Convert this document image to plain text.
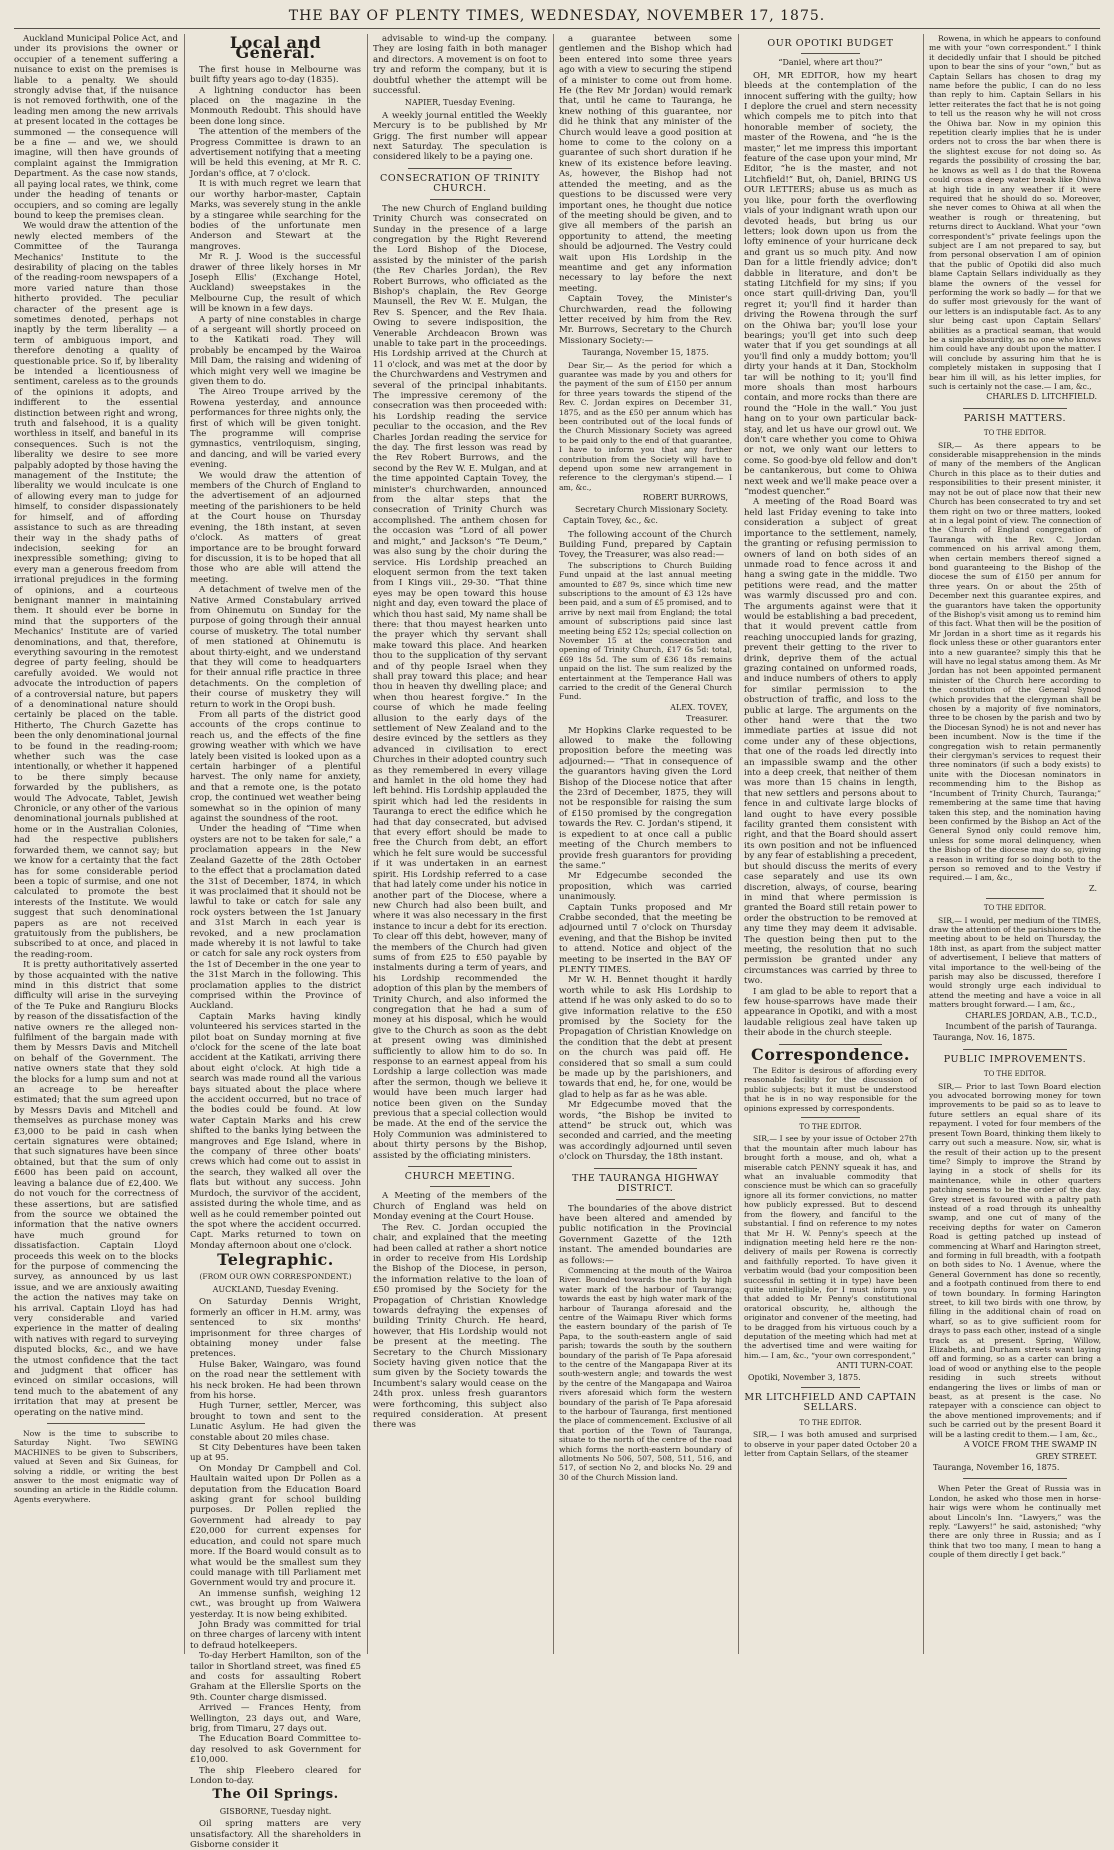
THE BAY OF PLENTY TIMES, WEDNESDAY, NOVEMBER 17, 1875.

Auckland Municipal Police Act, and under its provisions the owner or occupier of a tenement suffering a nuisance to exist on the premises is liable to a penalty. We should strongly advise that, if the nuisance is not removed forthwith, one of the leading men among the new arrivals at present located in the cottages be summoned — the consequence will be a fine — and we, we should imagine, will then have grounds of complaint against the Immigration Department. As the case now stands, all paying local rates, we think, come under the heading of tenants or occupiers, and so coming are legally bound to keep the premises clean.

We would draw the attention of the newly elected members of the Committee of the Tauranga Mechanics' Institute to the desirability of placing on the tables of the reading-room newspapers of a more varied nature than those hitherto provided. The peculiar character of the present age is sometimes denoted, perhaps not inaptly by the term liberality — a term of ambiguous import, and therefore denoting a quality of questionable price. So if, by liberality be intended a licentiousness of sentiment, careless as to the grounds of the opinions it adopts, and indifferent to the essential distinction between right and wrong, truth and falsehood, it is a quality worthless in itself, and baneful in its consequences. Such is not the liberality we desire to see more palpably adopted by those having the management of the Institute; the liberality we would inculcate is one of allowing every man to judge for himself, to consider dispassionately for himself, and of affording assistance to such as are threading their way in the shady paths of indecision, seeking for an inexpressible something; giving to every man a generous freedom from irrational prejudices in the forming of opinions, and a courteous benignant manner in maintaining them. It should ever be borne in mind that the supporters of the Mechanics' Institute are of varied denominations, and that, therefore, everything savouring in the remotest degree of party feeling, should be carefully avoided. We would not advocate the introduction of papers of a controversial nature, but papers of a denominational nature should certainly be placed on the table. Hitherto, The Church Gazette has been the only denominational journal to be found in the reading-room; whether such was the case intentionally, or whether it happened to be there simply because forwarded by the publishers, as would The Advocate, Tablet, Jewish Chronicle, or any other of the various denominational journals published at home or in the Australian Colonies, had the respective publishers forwarded them, we cannot say; but we know for a certainty that the fact has for some considerable period been a topic of surmise, and one not calculated to promote the best interests of the Institute. We would suggest that such denominational papers as are not received gratuitously from the publishers, be subscribed to at once, and placed in the reading-room.

It is pretty authoritatively asserted by those acquainted with the native mind in this district that some difficulty will arise in the surveying of the Te Puke and Rangiuru Blocks by reason of the dissatisfaction of the native owners re the alleged non-fulfilment of the bargain made with them by Messrs Davis and Mitchell on behalf of the Government. The native owners state that they sold the blocks for a lump sum and not at an acreage to be hereafter estimated; that the sum agreed upon by Messrs Davis and Mitchell and themselves as purchase money was £3,000 to be paid in cash when certain signatures were obtained; that such signatures have been since obtained, but that the sum of only £600 has been paid on account, leaving a balance due of £2,400. We do not vouch for the correctness of these assertions, but are satisfied from the source we obtained the information that the native owners have much ground for dissatisfaction. Captain Lloyd proceeds this week on to the blocks for the purpose of commencing the survey, as announced by us last issue, and we are anxiously awaiting the action the natives may take on his arrival. Captain Lloyd has had very considerable and varied experience in the matter of dealing with natives with regard to surveying disputed blocks, &c., and we have the utmost confidence that the tact and judgment that officer has evinced on similar occasions, will tend much to the abatement of any irritation that may at present be operating on the native mind.

Now is the time to subscribe to Saturday Night. Two SEWING MACHINES to be given to Subscribers, valued at Seven and Six Guineas, for solving a riddle, or writing the best answer to the most enigmatic way of sounding an article in the Riddle column. Agents everywhere.

Local and General.

The first house in Melbourne was built fifty years ago to-day (1835).

A lightning conductor has been placed on the magazine in the Monmouth Redoubt. This should have been done long since.

The attention of the members of the Progress Committee is drawn to an advertisement notifying that a meeting will be held this evening, at Mr R. C. Jordan's office, at 7 o'clock.

It is with much regret we learn that our worthy harbor-master, Captain Marks, was severely stung in the ankle by a stingaree while searching for the bodies of the unfortunate men Anderson and Stewart at the mangroves.

Mr R. J. Wood is the successful drawer of three likely horses in Mr Joseph Ellis' (Exchange Hotel, Auckland) sweepstakes in the Melbourne Cup, the result of which will be known in a few days.

A party of nine constables in charge of a sergeant will shortly proceed on to the Katikati road. They will probably be encamped by the Wairoa Mill Dam, the raising and widening of which might very well we imagine be given them to do.

The Aireo Troupe arrived by the Rowena yesterday, and announce performances for three nights only, the first of which will be given tonight. The programme will comprise gymnastics, ventriloquism, singing, and dancing, and will be varied every evening.

We would draw the attention of members of the Church of England to the advertisement of an adjourned meeting of the parishioners to be held at the Court house on Thursday evening, the 18th instant, at seven o'clock. As matters of great importance are to be brought forward for discussion, it is to be hoped that all those who are able will attend the meeting.

A detachment of twelve men of the Native Armed Constabulary arrived from Ohinemutu on Sunday for the purpose of going through their annual course of musketry. The total number of men stationed at Ohinemutu is about thirty-eight, and we understand that they will come to headquarters for their annual rifle practice in three detachments. On the completion of their course of musketry they will return to work in the Oropi bush.

From all parts of the district good accounts of the crops continue to reach us, and the effects of the fine growing weather with which we have lately been visited is looked upon as a certain harbinger of a plentiful harvest. The only name for anxiety, and that a remote one, is the potato crop, the continued wet weather being somewhat so in the opinion of many against the soundness of the root.

Under the heading of “Time when oysters are not to be taken for sale,” a proclamation appears in the New Zealand Gazette of the 28th October to the effect that a proclamation dated the 31st of December, 1874, in which it was proclaimed that it should not be lawful to take or catch for sale any rock oysters between the 1st January and 31st March in each year is revoked, and a new proclamation made whereby it is not lawful to take or catch for sale any rock oysters from the 1st of December in the one year to the 31st March in the following. This proclamation applies to the district comprised within the Province of Auckland.

Captain Marks having kindly volunteered his services started in the pilot boat on Sunday morning at five o'clock for the scene of the late boat accident at the Katikati, arriving there about eight o'clock. At high tide a search was made round all the various bays situated about the place where the accident occurred, but no trace of the bodies could be found. At low water Captain Marks and his crew shifted to the banks lying between the mangroves and Ege Island, where in the company of three other boats' crews which had come out to assist in the search, they walked all over the flats but without any success. John Murdoch, the survivor of the accident, assisted during the whole time, and as well as he could remember pointed out the spot where the accident occurred. Capt. Marks returned to town on Monday afternoon about one o'clock.

Telegraphic.
(FROM OUR OWN CORRESPONDENT.)
AUCKLAND, Tuesday Evening.

On Saturday Dennis Wright, formerly an officer in H.M. army, was sentenced to six months' imprisonment for three charges of obtaining money under false pretences.

Hulse Baker, Waingaro, was found on the road near the settlement with his neck broken. He had been thrown from his horse.

Hugh Turner, settler, Mercer, was brought to town and sent to the Lunatic Asylum. He had given the constable about 20 miles chase.

St City Debentures have been taken up at 95.

On Monday Dr Campbell and Col. Haultain waited upon Dr Pollen as a deputation from the Education Board asking grant for school building purposes. Dr Pollen replied the Government had already to pay £20,000 for current expenses for education, and could not spare much more. If the Board would consult as to what would be the smallest sum they could manage with till Parliament met Government would try and procure it.

An immense sunfish, weighing 12 cwt., was brought up from Waiwera yesterday. It is now being exhibited.

John Brady was committed for trial on three charges of larceny with intent to defraud hotelkeepers.

To-day Herbert Hamilton, son of the tailor in Shortland street, was fined £5 and costs for assaulting Robert Graham at the Ellerslie Sports on the 9th. Counter charge dismissed.

Arrived — Frances Henty, from Wellington, 23 days out, and Ware, brig, from Timaru, 27 days out.

The Education Board Committee to-day resolved to ask Government for £10,000.

The ship Fleebero cleared for London to-day.

The Oil Springs.
GISBORNE, Tuesday night.

Oil spring matters are very unsatisfactory. All the shareholders in Gisborne consider it

advisable to wind-up the company. They are losing faith in both manager and directors. A movement is on foot to try and reform the company, but it is doubtful whether the attempt will be successful.

NAPIER, Tuesday Evening.

A weekly journal entitled the Weekly Mercury is to be published by Mr Grigg. The first number will appear next Saturday. The speculation is considered likely to be a paying one.

CONSECRATION OF TRINITY CHURCH.

The new Church of England building Trinity Church was consecrated on Sunday in the presence of a large congregation by the Right Reverend the Lord Bishop of the Diocese, assisted by the minister of the parish (the Rev Charles Jordan), the Rev Robert Burrows, who officiated as the Bishop's chaplain, the Rev George Maunsell, the Rev W. E. Mulgan, the Rev S. Spencer, and the Rev Ihaia. Owing to severe indisposition, the Venerable Archdeacon Brown was unable to take part in the proceedings. His Lordship arrived at the Church at 11 o'clock, and was met at the door by the Churchwardens and Vestrymen and several of the principal inhabitants. The impressive ceremony of the consecration was then proceeded with: his Lordship reading the service peculiar to the occasion, and the Rev Charles Jordan reading the service for the day. The first lesson was read by the Rev Robert Burrows, and the second by the Rev W. E. Mulgan, and at the time appointed Captain Tovey, the minister's churchwarden, announced from the altar steps that the consecration of Trinity Church was accomplished. The anthem chosen for the occasion was “Lord of all power and might,” and Jackson's “Te Deum,” was also sung by the choir during the service. His Lordship preached an eloquent sermon from the text taken from I Kings viii., 29-30. “That thine eyes may be open toward this house night and day, even toward the place of which thou hast said, My name shall be there: that thou mayest hearken unto the prayer which thy servant shall make toward this place. And hearken thou to the supplication of thy servant and of thy people Israel when they shall pray toward this place; and hear thou in heaven thy dwelling place; and when thou hearest forgive.” In the course of which he made feeling allusion to the early days of the settlement of New Zealand and to the desire evinced by the settlers as they advanced in civilisation to erect Churches in their adopted country such as they remembered in every village and hamlet in the old home they had left behind. His Lordship applauded the spirit which had led the residents in Tauranga to erect the edifice which he had that day consecrated, but advised that every effort should be made to free the Church from debt, an effort which he felt sure would be successful if it was undertaken in an earnest spirit. His Lordship referred to a case that had lately come under his notice in another part of the Diocese, where a new Church had also been built, and where it was also necessary in the first instance to incur a debt for its erection. To clear off this debt, however, many of the members of the Church had given sums of from £25 to £50 payable by instalments during a term of years, and his Lordship recommended the adoption of this plan by the members of Trinity Church, and also informed the congregation that he had a sum of money at his disposal, which he would give to the Church as soon as the debt at present owing was diminished sufficiently to allow him to do so. In response to an earnest appeal from his Lordship a large collection was made after the sermon, though we believe it would have been much larger had notice been given on the Sunday previous that a special collection would be made. At the end of the service the Holy Communion was administered to about thirty persons by the Bishop, assisted by the officiating ministers.

CHURCH MEETING.

A Meeting of the members of the Church of England was held on Monday evening at the Court House.

The Rev. C. Jordan occupied the chair, and explained that the meeting had been called at rather a short notice in order to receive from His Lordship the Bishop of the Diocese, in person, the information relative to the loan of £50 promised by the Society for the Propagation of Christian Knowledge towards defraying the expenses of building Trinity Church. He heard, however, that His Lordship would not be present at the meeting. The Secretary to the Church Missionary Society having given notice that the sum given by the Society towards the Incumbent's salary would cease on the 24th prox. unless fresh guarantors were forthcoming, this subject also required consideration. At present there was

a guarantee between some gentlemen and the Bishop which had been entered into some three years ago with a view to securing the stipend of a minister to come out from home. He (the Rev Mr Jordan) would remark that, until he came to Tauranga, he knew nothing of this guarantee, nor did he think that any minister of the Church would leave a good position at home to come to the colony on a guarantee of such short duration if he knew of its existence before leaving. As, however, the Bishop had not attended the meeting, and as the questions to be discussed were very important ones, he thought due notice of the meeting should be given, and to give all members of the parish an opportunity to attend, the meeting should be adjourned. The Vestry could wait upon His Lordship in the meantime and get any information necessary to lay before the next meeting.

Captain Tovey, the Minister's Churchwarden, read the following letter received by him from the Rev. Mr. Burrows, Secretary to the Church Missionary Society:—

Tauranga, November 15, 1875.

Dear Sir,— As the period for which a guarantee was made by you and others for the payment of the sum of £150 per annum for three years towards the stipend of the Rev. C. Jordan expires on December 31, 1875, and as the £50 per annum which has been contributed out of the local funds of the Church Missionary Society was agreed to be paid only to the end of that guarantee, I have to inform you that any further contribution from the Society will have to depend upon some new arrangement in reference to the clergyman's stipend.— I am, &c.,

ROBERT BURROWS,
Secretary Church Missionary Society.
Captain Tovey, &c., &c.

The following account of the Church Building Fund, prepared by Captain Tovey, the Treasurer, was also read:—

The subscriptions to Church Building Fund unpaid at the last annual meeting amounted to £87 9s, since which time new subscriptions to the amount of £3 12s have been paid, and a sum of £5 promised, and to arrive by next mail from England; the total amount of subscriptions paid since last meeting being £52 12s; special collection on November 15 at the consecration and opening of Trinity Church, £17 6s 5d: total, £69 18s 5d. The sum of £36 18s remains unpaid on the list. The sum realized by the entertainment at the Temperance Hall was carried to the credit of the General Church Fund.

ALEX. TOVEY,
Treasurer.

Mr Hopkins Clarke requested to be allowed to make the following proposition before the meeting was adjourned:— “That in consequence of the guarantors having given the Lord Bishop of the Diocese notice that after the 23rd of December, 1875, they will not be responsible for raising the sum of £150 promised by the congregation towards the Rev. C. Jordan's stipend, it is expedient to at once call a public meeting of the Church members to provide fresh guarantors for providing the same.”

Mr Edgecumbe seconded the proposition, which was carried unanimously.

Captain Tunks proposed and Mr Crabbe seconded, that the meeting be adjourned until 7 o'clock on Thursday evening, and that the Bishop be invited to attend. Notice and object of the meeting to be inserted in the BAY OF PLENTY TIMES.

Mr W. H. Bennet thought it hardly worth while to ask His Lordship to attend if he was only asked to do so to give information relative to the £50 promised by the Society for the Propagation of Christian Knowledge on the condition that the debt at present on the church was paid off. He considered that so small a sum could be made up by the parishioners, and towards that end, he, for one, would be glad to help as far as he was able.

Mr Edgecumbe moved that the words, “the Bishop be invited to attend” be struck out, which was seconded and carried, and the meeting was accordingly adjourned until seven o'clock on Thursday, the 18th instant.

THE TAURANGA HIGHWAY DISTRICT.

The boundaries of the above district have been altered and amended by public notification in the Provincial Government Gazette of the 12th instant. The amended boundaries are as follows:—

Commencing at the mouth of the Wairoa River. Bounded towards the north by high water mark of the harbour of Tauranga; towards the east by high water mark of the harbour of Tauranga aforesaid and the centre of the Waimapu River which forms the eastern boundary of the parish of Te Papa, to the south-eastern angle of said parish; towards the south by the southern boundary of the parish of Te Papa aforesaid to the centre of the Mangapapa River at its south-western angle; and towards the west by the centre of the Mangapapa and Wairoa rivers aforesaid which form the western boundary of the parish of Te Papa aforesaid to the harbour of Tauranga, first mentioned the place of commencement. Exclusive of all that portion of the Town of Tauranga, situate to the north of the centre of the road which forms the north-eastern boundary of allotments No 506, 507, 508, 511, 516, and 517, of section No 2, and blocks No. 29 and 30 of the Church Mission land.

OUR OPOTIKI BUDGET
“Daniel, where art thou?”

OH, MR EDITOR, how my heart bleeds at the contemplation of the innocent suffering with the guilty; how I deplore the cruel and stern necessity which compels me to pitch into that honorable member of society, the master of the Rowena, and “he is the master,” let me impress this important feature of the case upon your mind, Mr Editor, “he is the master, and not Litchfield!” But, oh, Daniel, BRING US OUR LETTERS; abuse us as much as you like, pour forth the overflowing vials of your indignant wrath upon our devoted heads, but bring us our letters; look down upon us from the lofty eminence of your hurricane deck and grant us so much pity. And now Dan for a little friendly advice; don't dabble in literature, and don't be stating Litchfield for my sins; if you once start quill-driving Dan, you'll regret it; you'll find it harder than driving the Rowena through the surf on the Ohiwa bar; you'll lose your bearings; you'll get into such deep water that if you get soundings at all you'll find only a muddy bottom; you'll dirty your hands at it Dan, Stockholm tar will be nothing to it; you'll find more shoals than most harbours contain, and more rocks than there are round the “Hole in the wall.” You just hang on to your own particular back-stay, and let us have our growl out. We don't care whether you come to Ohiwa or not, we only want our letters to come. So good-bye old fellow and don't be cantankerous, but come to Ohiwa next week and we'll make peace over a “modest quencher.”

A meeting of the Road Board was held last Friday evening to take into consideration a subject of great importance to the settlement, namely, the granting or refusing permission to owners of land on both sides of an unmade road to fence across it and hang a swing gate in the middle. Two petitions were read, and the matter was warmly discussed pro and con. The arguments against were that it would be establishing a bad precedent, that it would prevent cattle from reaching unoccupied lands for grazing, prevent their getting to the river to drink, deprive them of the actual grazing contained on unformed roads, and induce numbers of others to apply for similar permission to the obstruction of traffic, and loss to the public at large. The arguments on the other hand were that the two immediate parties at issue did not come under any of these objections, that one of the roads led directly into an impassible swamp and the other into a deep creek, that neither of them was more than 15 chains in length, that new settlers and persons about to fence in and cultivate large blocks of land ought to have every possible facility granted them consistent with right, and that the Board should assert its own position and not be influenced by any fear of establishing a precedent, but should discuss the merits of every case separately and use its own discretion, always, of course, bearing in mind that where permission is granted the Board still retain power to order the obstruction to be removed at any time they may deem it advisable. The question being then put to the meeting, the resolution that no such permission be granted under any circumstances was carried by three to two.

I am glad to be able to report that a few house-sparrows have made their appearance in Opotiki, and with a most laudable religious zeal have taken up their abode in the church steeple.

Correspondence.

The Editor is desirous of affording every reasonable facility for the discussion of public subjects; but it must be understood that he is in no way responsible for the opinions expressed by correspondents.

TO THE EDITOR.

SIR,— I see by your issue of October 27th that the mountain after much labour has brought forth a mouse, and oh, what a miserable catch PENNY squeak it has, and what an invaluable commodity that conscience must be which can so gracefully ignore all its former convictions, no matter how publicly expressed. But to descend from the flowery, and fanciful to the substantial. I find on reference to my notes that Mr H. W. Penny's speech at the indignation meeting held here re the non-delivery of mails per Rowena is correctly and faithfully reported. To have given it verbatim would (bad your composition been successful in setting it in type) have been quite unintelligible, for I must inform you that added to Mr Penny's constitutional oratorical obscurity, he, although the originator and convener of the meeting, had to be dragged from his virtuous couch by a deputation of the meeting which had met at the advertised time and were waiting for him.— I am, &c., “your own correspondent,”

ANTI TURN-COAT.
Opotiki, November 3, 1875.
MR LITCHFIELD AND CAPTAIN SELLARS.
TO THE EDITOR.

SIR,— I was both amused and surprised to observe in your paper dated October 20 a letter from Captain Sellars, of the steamer

Rowena, in which he appears to confound me with your “own correspondent.” I think it decidedly unfair that I should be pitched upon to bear the sins of your “own,” but as Captain Sellars has chosen to drag my name before the public, I can do no less than reply to him. Captain Sellars in his letter reiterates the fact that he is not going to tell us the reason why he will not cross the Ohiwa bar. Now in my opinion this repetition clearly implies that he is under orders not to cross the bar when there is the slightest excuse for not doing so. As regards the possibility of crossing the bar, he knows as well as I do that the Rowena could cross a deep water break like Ohiwa at high tide in any weather if it were required that he should do so. Moreover, she never comes to Ohiwa at all when the weather is rough or threatening, but returns direct to Auckland. What your “own correspondent's” private feelings upon the subject are I am not prepared to say, but from personal observation I am of opinion that the public of Opotiki did also much blame Captain Sellars individually as they blame the owners of the vessel for performing the work so badly — for that we do suffer most grievously for the want of our letters is an indisputable fact. As to any slur being cast upon Captain Sellars' abilities as a practical seaman, that would be a simple absurdity, as no one who knows him could have any doubt upon the matter. I will conclude by assuring him that he is completely mistaken in supposing that I bear him ill will, as his letter implies, for such is certainly not the case.— I am, &c.,

CHARLES D. LITCHFIELD.
PARISH MATTERS.
TO THE EDITOR.

SIR,— As there appears to be considerable misapprehension in the minds of many of the members of the Anglican Church in this place as to their duties and responsibilities to their present minister, it may not be out of place now that their new Church has been consecrated to try and set them right on two or three matters, looked at in a legal point of view. The connection of the Church of England congregation of Tauranga with the Rev. C. Jordan commenced on his arrival among them, when certain members thereof signed a bond guaranteeing to the Bishop of the diocese the sum of £150 per annum for three years. On or about the 25th of December next this guarantee expires, and the guarantors have taken the opportunity of the Bishop's visit among us to remind him of this fact. What then will be the position of Mr Jordan in a short time as it regards his flock unless these or other guarantors enter into a new guarantee? simply this that he will have no legal status among them. As Mr Jordan has not been appointed permanent minister of the Church here according to the constitution of the General Synod (which provides that the clergyman shall be chosen by a majority of five nominators, three to be chosen by the parish and two by the Diocesan Synod) he is not and never has been incumbent. Now is the time if the congregation wish to retain permanently their clergyman's services to request their three nominators (if such a body exists) to unite with the Diocesan nominators in recommending him to the Bishop as “Incumbent of Trinity Church, Tauranga;” remembering at the same time that having taken this step, and the nomination having been confirmed by the Bishop an Act of the General Synod only could remove him, unless for some moral delinquency, when the Bishop of the diocese may do so, giving a reason in writing for so doing both to the person so removed and to the Vestry if required.— I am, &c.,

Z.
TO THE EDITOR.

SIR,— I would, per medium of the TIMES, draw the attention of the parishioners to the meeting about to be held on Thursday, the 18th inst, as apart from the subject matter of advertisement, I believe that matters of vital importance to the well-being of the parish may also be discussed, therefore I would strongly urge each individual to attend the meeting and have a voice in all matters brought forward.— I am, &c.,

CHARLES JORDAN, A.B., T.C.D.,
Incumbent of the parish of Tauranga.
Tauranga, Nov. 16, 1875.
PUBLIC IMPROVEMENTS.
TO THE EDITOR.

SIR,— Prior to last Town Board election you advocated borrowing money for town improvements to be paid so as to leave to future settlers an equal share of its repayment. I voted for four members of the present Town Board, thinking them likely to carry out such a measure. Now, sir, what is the result of their action up to the present time? Simply to improve the Strand by laying in a stock of shells for its maintenance, while in other quarters patching seems to be the order of the day. Grey street is favoured with a paltry path instead of a road through its unhealthy swamp, and one cut of many of the receiving depths for water on Cameron Road is getting patched up instead of commencing at Wharf and Harington street, and forming in full breadth, with a footpath on both sides to No. 1 Avenue, where the General Government has done so recently, and a footpath continued from there to end of town boundary. In forming Harington street, to kill two birds with one throw, by filling in the additional chain of road on wharf, so as to give sufficient room for drays to pass each other, instead of a single track as at present. Spring, Willow, Elizabeth, and Durham streets want laying off and forming, so as a carter can bring a load of wood or anything else to the people residing in such streets without endangering the lives or limbs of man or beast, as at present is the case. No ratepayer with a conscience can object to the above mentioned improvements; and if such be carried out by the present Board it will be a lasting credit to them.— I am, &c.,

A VOICE FROM THE SWAMP IN
GREY STREET.
Tauranga, November 16, 1875.

When Peter the Great of Russia was in London, he asked who those men in horse-hair wigs were whom he continually met about Lincoln's Inn. “Lawyers,” was the reply. “Lawyers!” he said, astonished; “why there are only three in Russia; and as I think that two too many, I mean to hang a couple of them directly I get back.”
